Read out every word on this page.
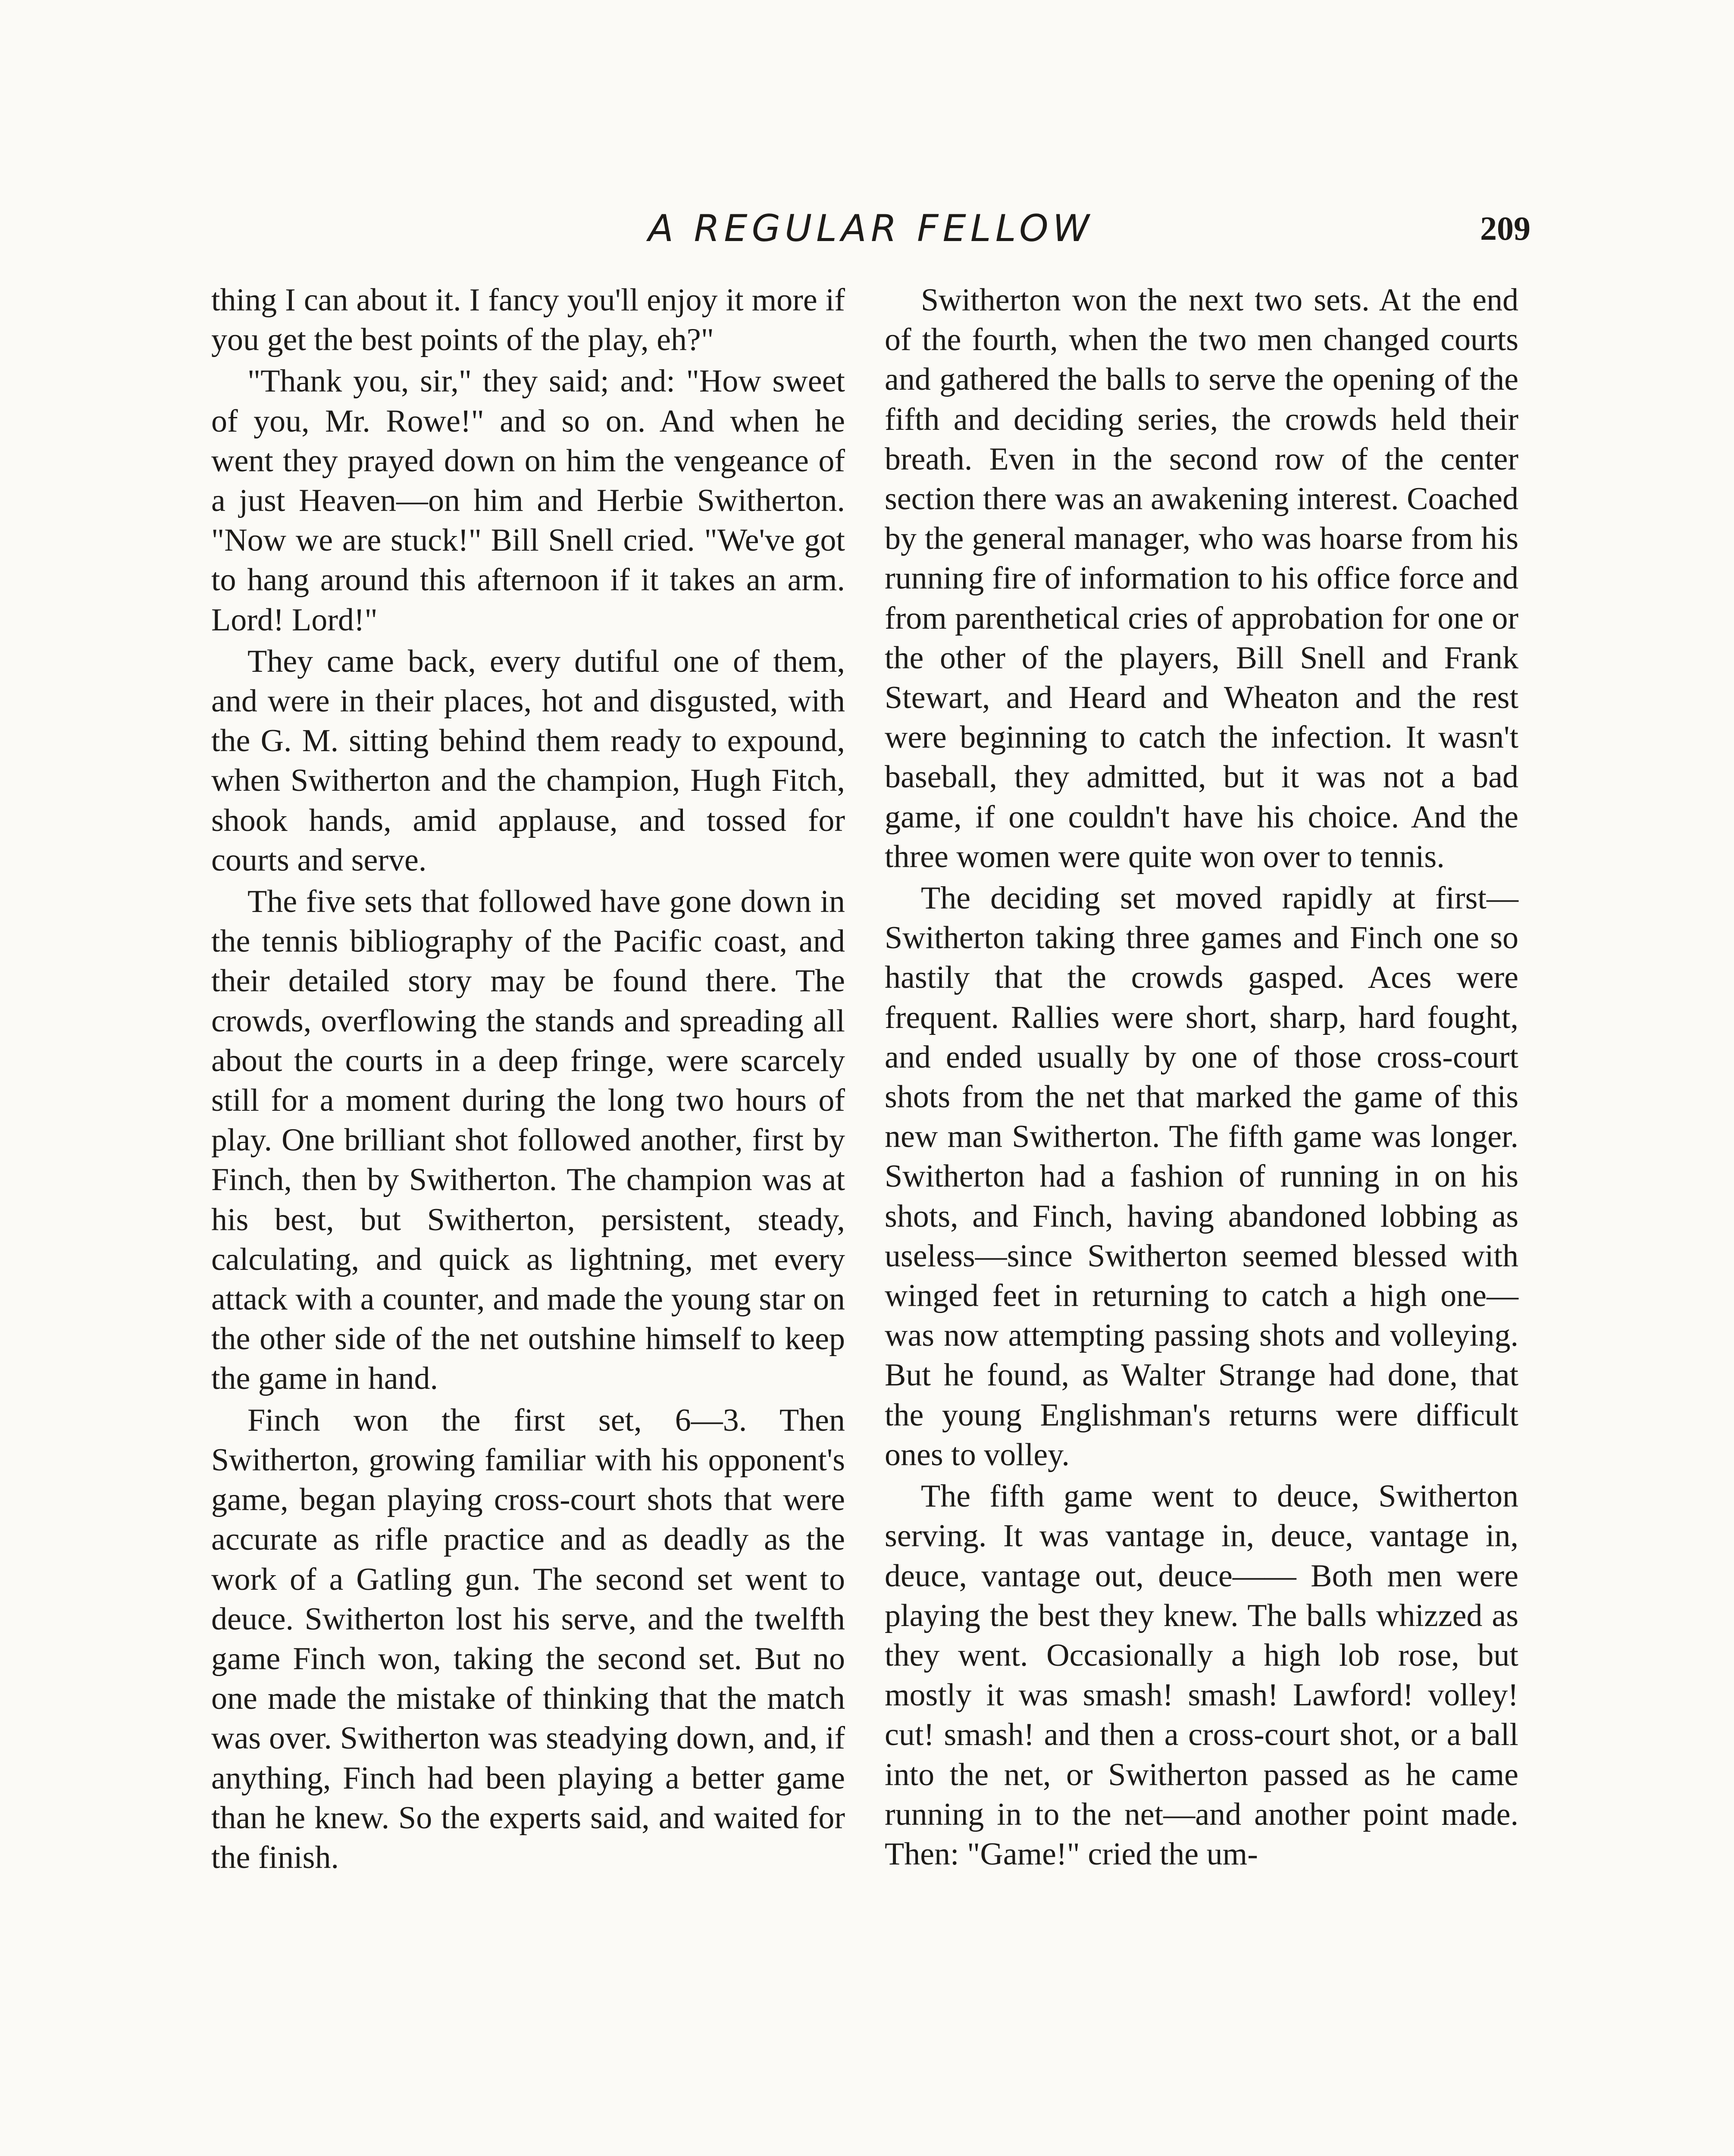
A REGULAR FELLOW	209

thing I can about it. I fancy you'll enjoy it more if you get the best points of the play, eh?"

"Thank you, sir," they said; and: "How sweet of you, Mr. Rowe!" and so on. And when he went they prayed down on him the vengeance of a just Heaven—on him and Herbie Switherton. "Now we are stuck!" Bill Snell cried. "We've got to hang around this afternoon if it takes an arm. Lord! Lord!"

They came back, every dutiful one of them, and were in their places, hot and disgusted, with the G. M. sitting behind them ready to expound, when Switherton and the champion, Hugh Fitch, shook hands, amid applause, and tossed for courts and serve.

The five sets that followed have gone down in the tennis bibliography of the Pacific coast, and their detailed story may be found there. The crowds, overflowing the stands and spreading all about the courts in a deep fringe, were scarcely still for a moment during the long two hours of play. One brilliant shot followed another, first by Finch, then by Switherton. The champion was at his best, but Switherton, persistent, steady, calculating, and quick as lightning, met every attack with a counter, and made the young star on the other side of the net outshine himself to keep the game in hand.

Finch won the first set, 6—3. Then Switherton, growing familiar with his opponent's game, began playing cross-court shots that were accurate as rifle practice and as deadly as the work of a Gatling gun. The second set went to deuce. Switherton lost his serve, and the twelfth game Finch won, taking the second set. But no one made the mistake of thinking that the match was over. Switherton was steadying down, and, if anything, Finch had been playing a better game than he knew. So the experts said, and waited for the finish.

Switherton won the next two sets. At the end of the fourth, when the two men changed courts and gathered the balls to serve the opening of the fifth and deciding series, the crowds held their breath. Even in the second row of the center section there was an awakening interest. Coached by the general manager, who was hoarse from his running fire of information to his office force and from parenthetical cries of approbation for one or the other of the players, Bill Snell and Frank Stewart, and Heard and Wheaton and the rest were beginning to catch the infection. It wasn't baseball, they admitted, but it was not a bad game, if one couldn't have his choice. And the three women were quite won over to tennis.

The deciding set moved rapidly at first—Switherton taking three games and Finch one so hastily that the crowds gasped. Aces were frequent. Rallies were short, sharp, hard fought, and ended usually by one of those cross-court shots from the net that marked the game of this new man Switherton. The fifth game was longer. Switherton had a fashion of running in on his shots, and Finch, having abandoned lobbing as useless—since Switherton seemed blessed with winged feet in returning to catch a high one—was now attempting passing shots and volleying. But he found, as Walter Strange had done, that the young Englishman's returns were difficult ones to volley.

The fifth game went to deuce, Switherton serving. It was vantage in, deuce, vantage in, deuce, vantage out, deuce—— Both men were playing the best they knew. The balls whizzed as they went. Occasionally a high lob rose, but mostly it was smash! smash! Lawford! volley! cut! smash! and then a cross-court shot, or a ball into the net, or Switherton passed as he came running in to the net—and another point made. Then: "Game!" cried the um-
